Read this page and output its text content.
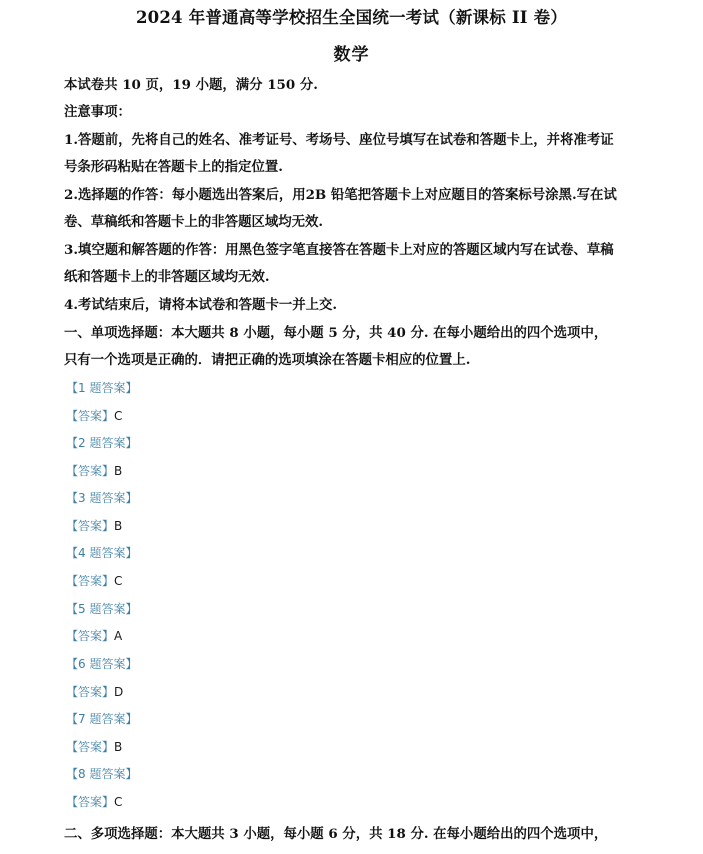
2024 年普通高等学校招生全国统一考试（新课标 II 卷）
数学
本试卷共 10 页，19 小题，满分 150 分.
注意事项：
1.答题前，先将自己的姓名、准考证号、考场号、座位号填写在试卷和答题卡上，并将准考证
号条形码粘贴在答题卡上的指定位置.
2.选择题的作答：每小题选出答案后，用2B 铅笔把答题卡上对应题目的答案标号涂黑.写在试
卷、草稿纸和答题卡上的非答题区域均无效.
3.填空题和解答题的作答：用黑色签字笔直接答在答题卡上对应的答题区域内写在试卷、草稿
纸和答题卡上的非答题区域均无效.
4.考试结束后，请将本试卷和答题卡一并上交.
一、单项选择题：本大题共 8 小题，每小题 5 分，共 40 分. 在每小题给出的四个选项中，
只有一个选项是正确的．请把正确的选项填涂在答题卡相应的位置上.
【1 题答案】
【答案】C
【2 题答案】
【答案】B
【3 题答案】
【答案】B
【4 题答案】
【答案】C
【5 题答案】
【答案】A
【6 题答案】
【答案】D
【7 题答案】
【答案】B
【8 题答案】
【答案】C
二、多项选择题：本大题共 3 小题，每小题 6 分，共 18 分. 在每小题给出的四个选项中，
